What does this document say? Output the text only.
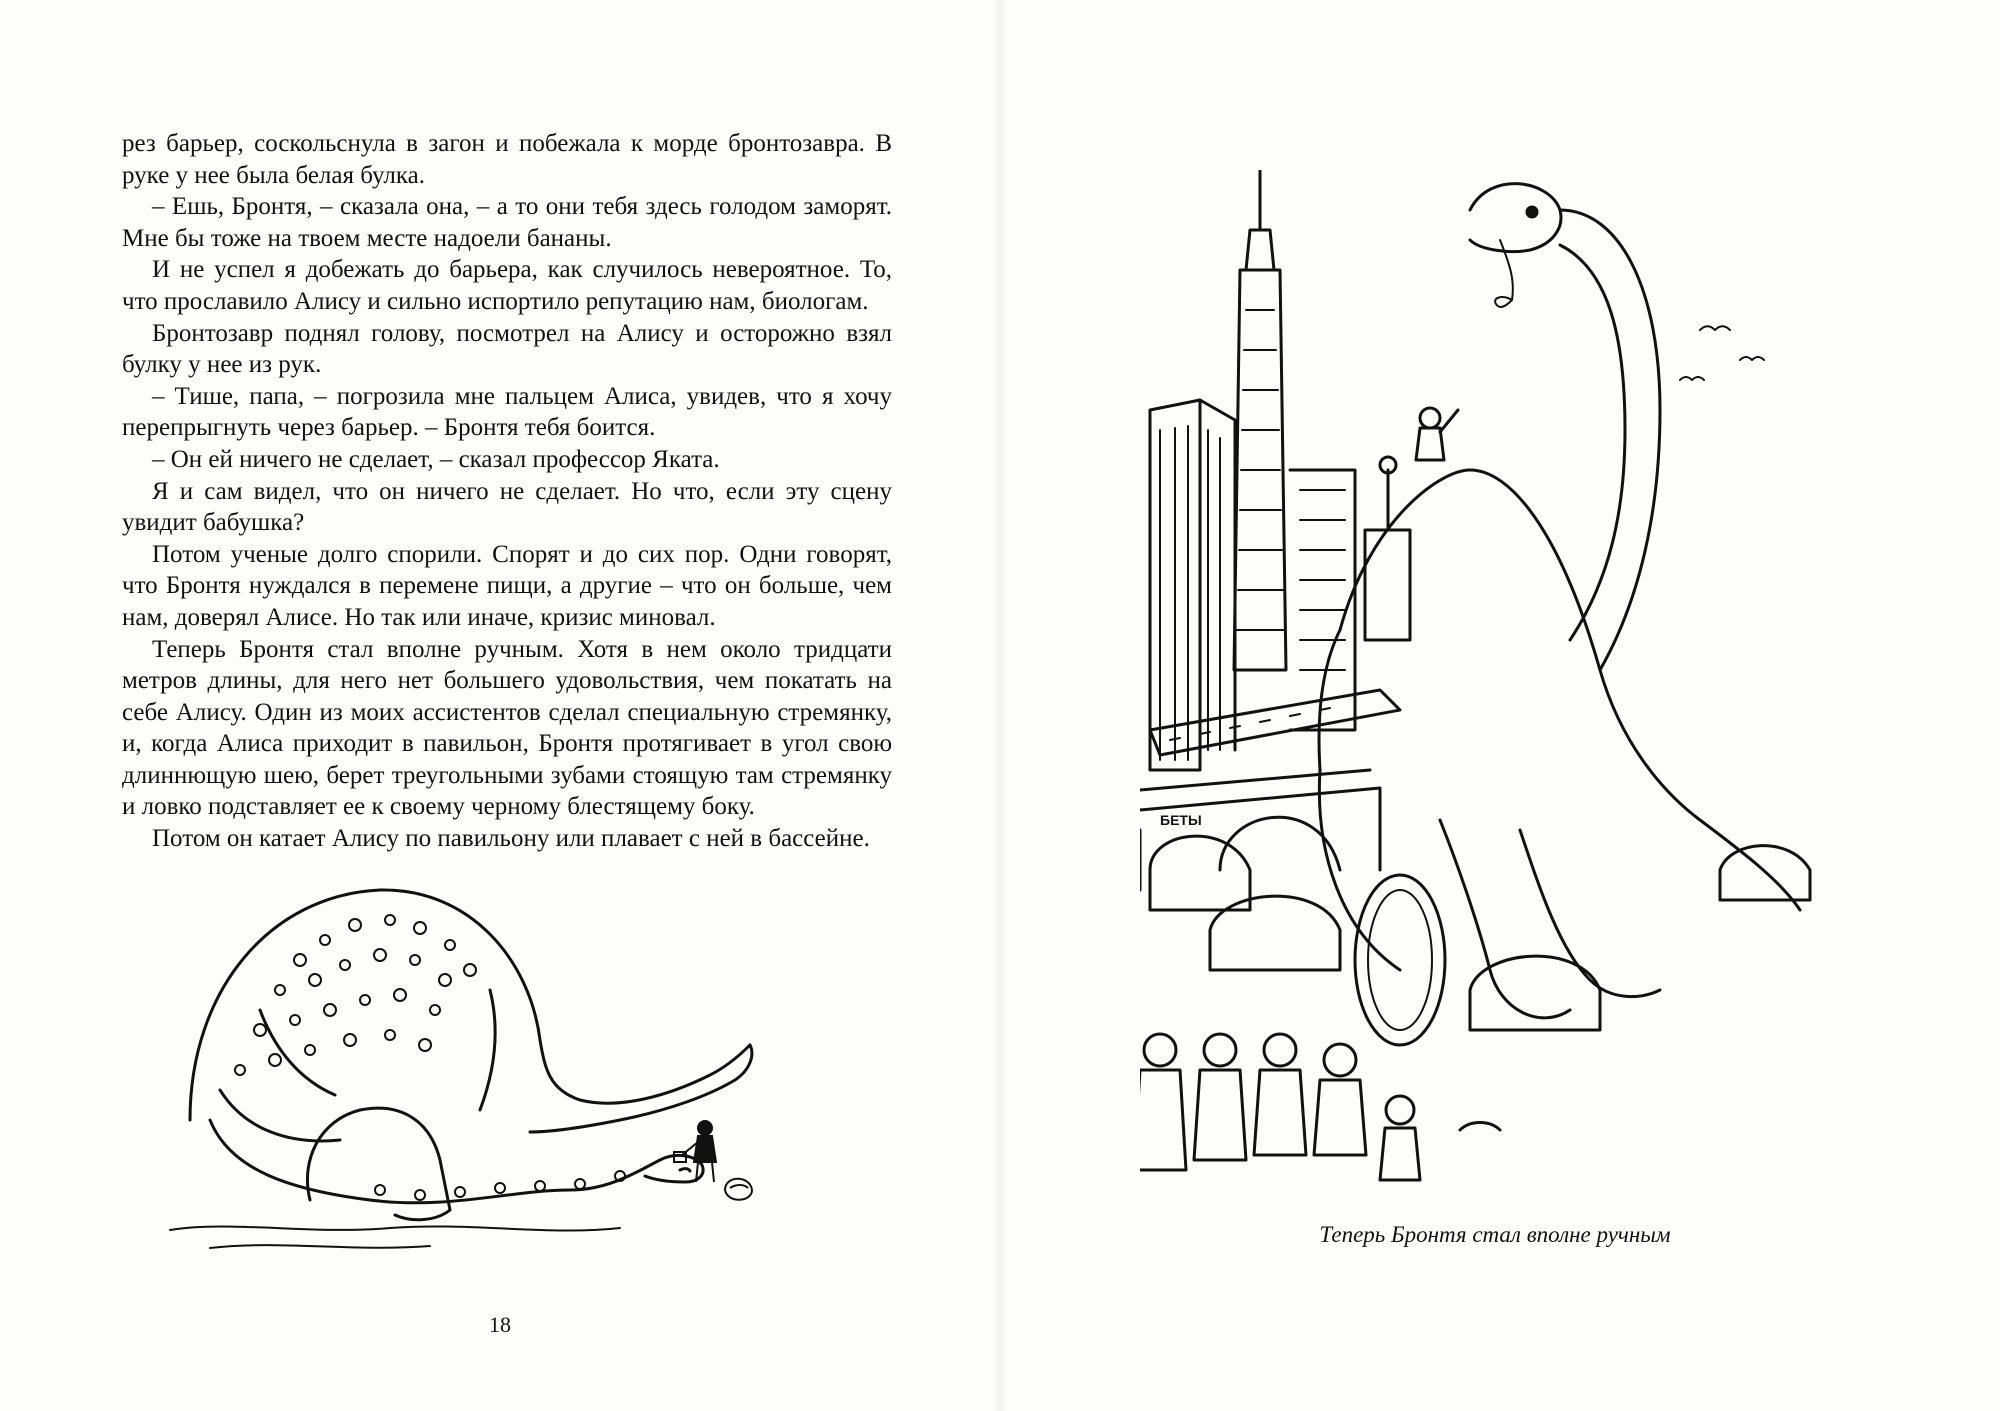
рез барьер, соскольснула в загон и побежала к морде бронтозавра. В руке у нее была белая булка.

– Ешь, Бронтя, – сказала она, – а то они тебя здесь голодом заморят. Мне бы тоже на твоем месте надоели бананы.

И не успел я добежать до барьера, как случилось невероятное. То, что прославило Алису и сильно испортило репутацию нам, биологам.

Бронтозавр поднял голову, посмотрел на Алису и осторожно взял булку у нее из рук.

– Тише, папа, – погрозила мне пальцем Алиса, увидев, что я хочу перепрыгнуть через барьер. – Бронтя тебя боится.

– Он ей ничего не сделает, – сказал профессор Яката.

Я и сам видел, что он ничего не сделает. Но что, если эту сцену увидит бабушка?

Потом ученые долго спорили. Спорят и до сих пор. Одни говорят, что Бронтя нуждался в перемене пищи, а другие – что он больше, чем нам, доверял Алисе. Но так или иначе, кризис миновал.

Теперь Бронтя стал вполне ручным. Хотя в нем около тридцати метров длины, для него нет большего удовольствия, чем покатать на себе Алису. Один из моих ассистентов сделал специальную стремянку, и, когда Алиса приходит в павильон, Бронтя протягивает в угол свою длиннющую шею, берет треугольными зубами стоящую там стремянку и ловко подставляет ее к своему черному блестящему боку.

Потом он катает Алису по павильону или плавает с ней в бассейне.

18
БЕТЫ
Теперь Бронтя стал вполне ручным
